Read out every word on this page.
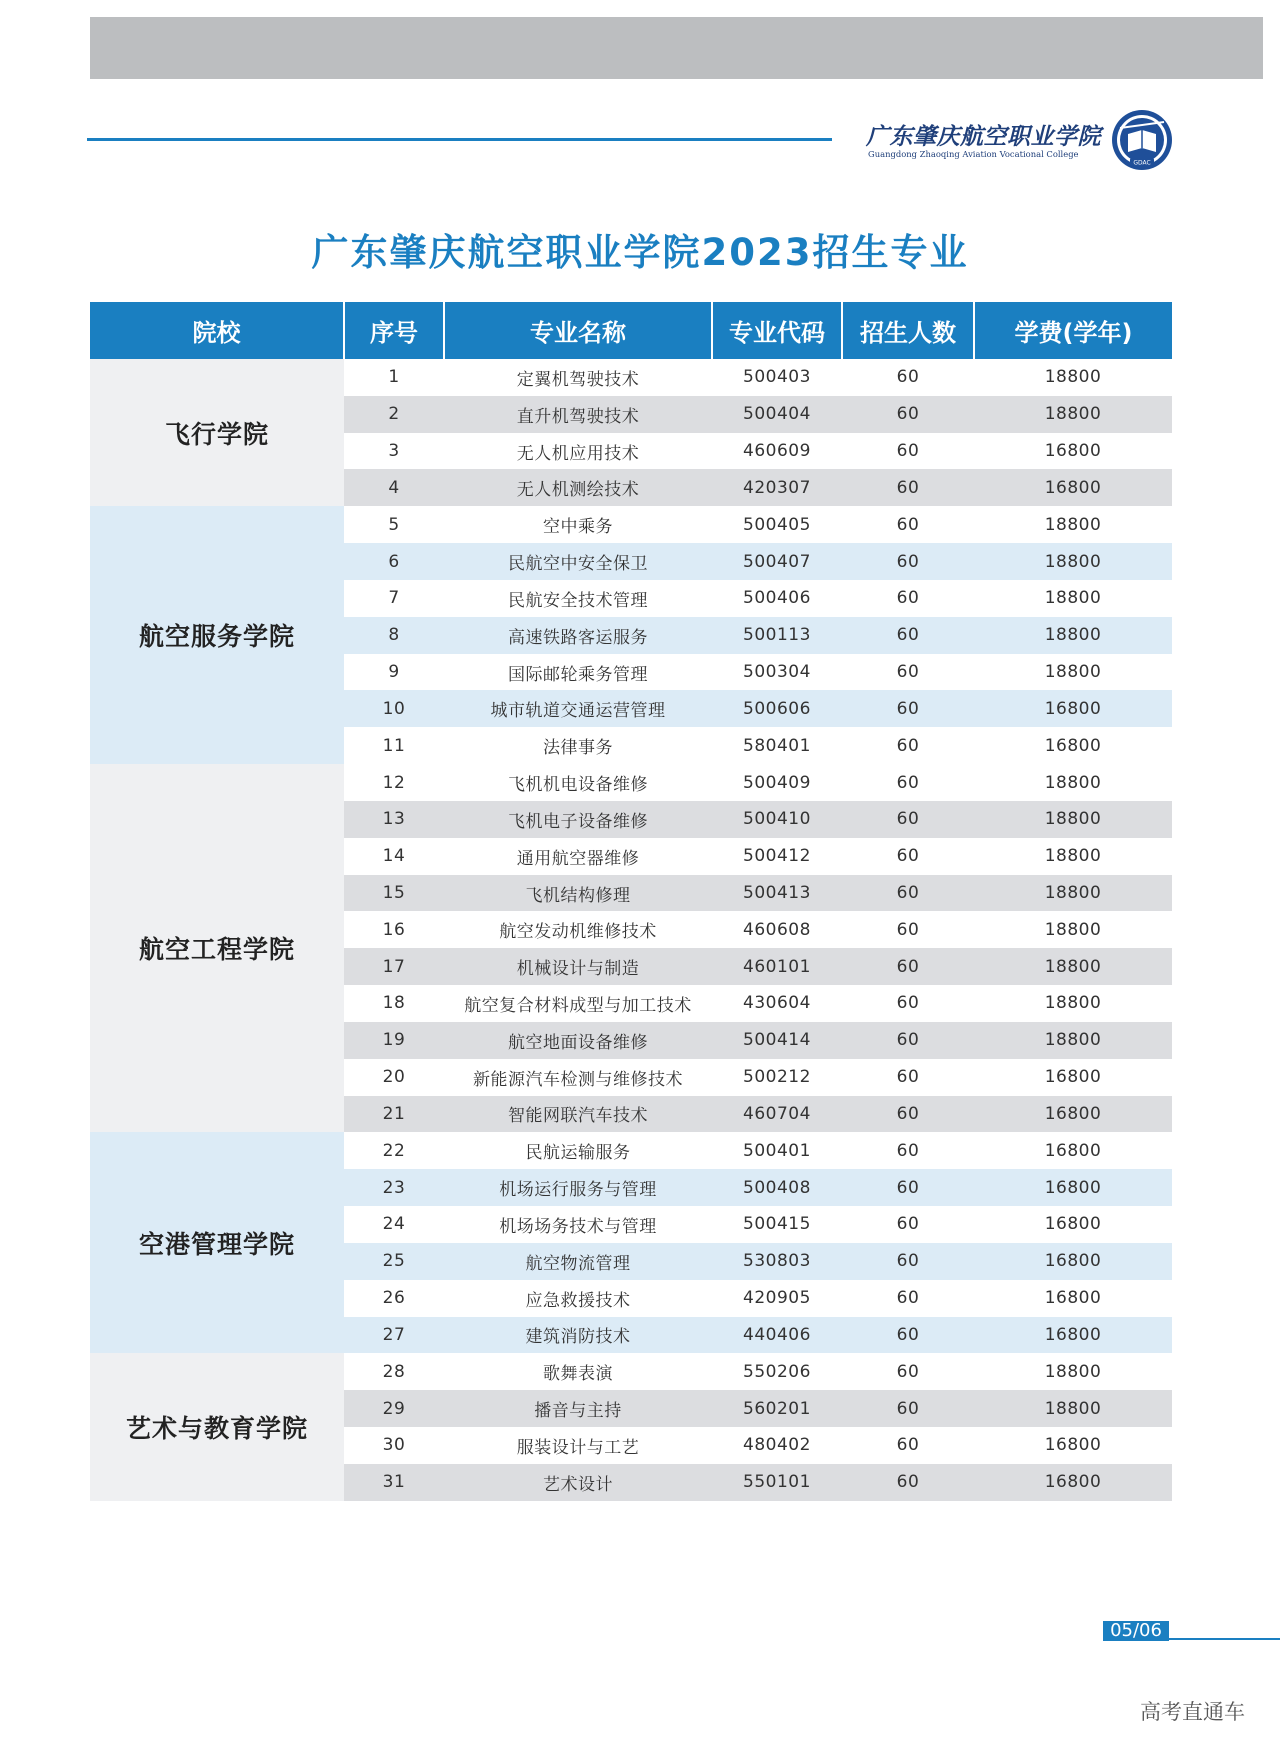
广东肇庆航空职业学院
Guangdong Zhaoqing Aviation Vocational College
GDAC
广东肇庆航空职业学院2023招生专业
院校	序号	专业名称	专业代码	招生人数	学费(学年)
飞行学院	1	定翼机驾驶技术	500403	60	18800
	2	直升机驾驶技术	500404	60	18800
	3	无人机应用技术	460609	60	16800
	4	无人机测绘技术	420307	60	16800
航空服务学院	5	空中乘务	500405	60	18800
	6	民航空中安全保卫	500407	60	18800
	7	民航安全技术管理	500406	60	18800
	8	高速铁路客运服务	500113	60	18800
	9	国际邮轮乘务管理	500304	60	18800
	10	城市轨道交通运营管理	500606	60	16800
	11	法律事务	580401	60	16800
航空工程学院	12	飞机机电设备维修	500409	60	18800
	13	飞机电子设备维修	500410	60	18800
	14	通用航空器维修	500412	60	18800
	15	飞机结构修理	500413	60	18800
	16	航空发动机维修技术	460608	60	18800
	17	机械设计与制造	460101	60	18800
	18	航空复合材料成型与加工技术	430604	60	18800
	19	航空地面设备维修	500414	60	18800
	20	新能源汽车检测与维修技术	500212	60	16800
	21	智能网联汽车技术	460704	60	16800
空港管理学院	22	民航运输服务	500401	60	16800
	23	机场运行服务与管理	500408	60	16800
	24	机场场务技术与管理	500415	60	16800
	25	航空物流管理	530803	60	16800
	26	应急救援技术	420905	60	16800
	27	建筑消防技术	440406	60	16800
艺术与教育学院	28	歌舞表演	550206	60	18800
	29	播音与主持	560201	60	18800
	30	服装设计与工艺	480402	60	16800
	31	艺术设计	550101	60	16800
05/06
高考直通车
